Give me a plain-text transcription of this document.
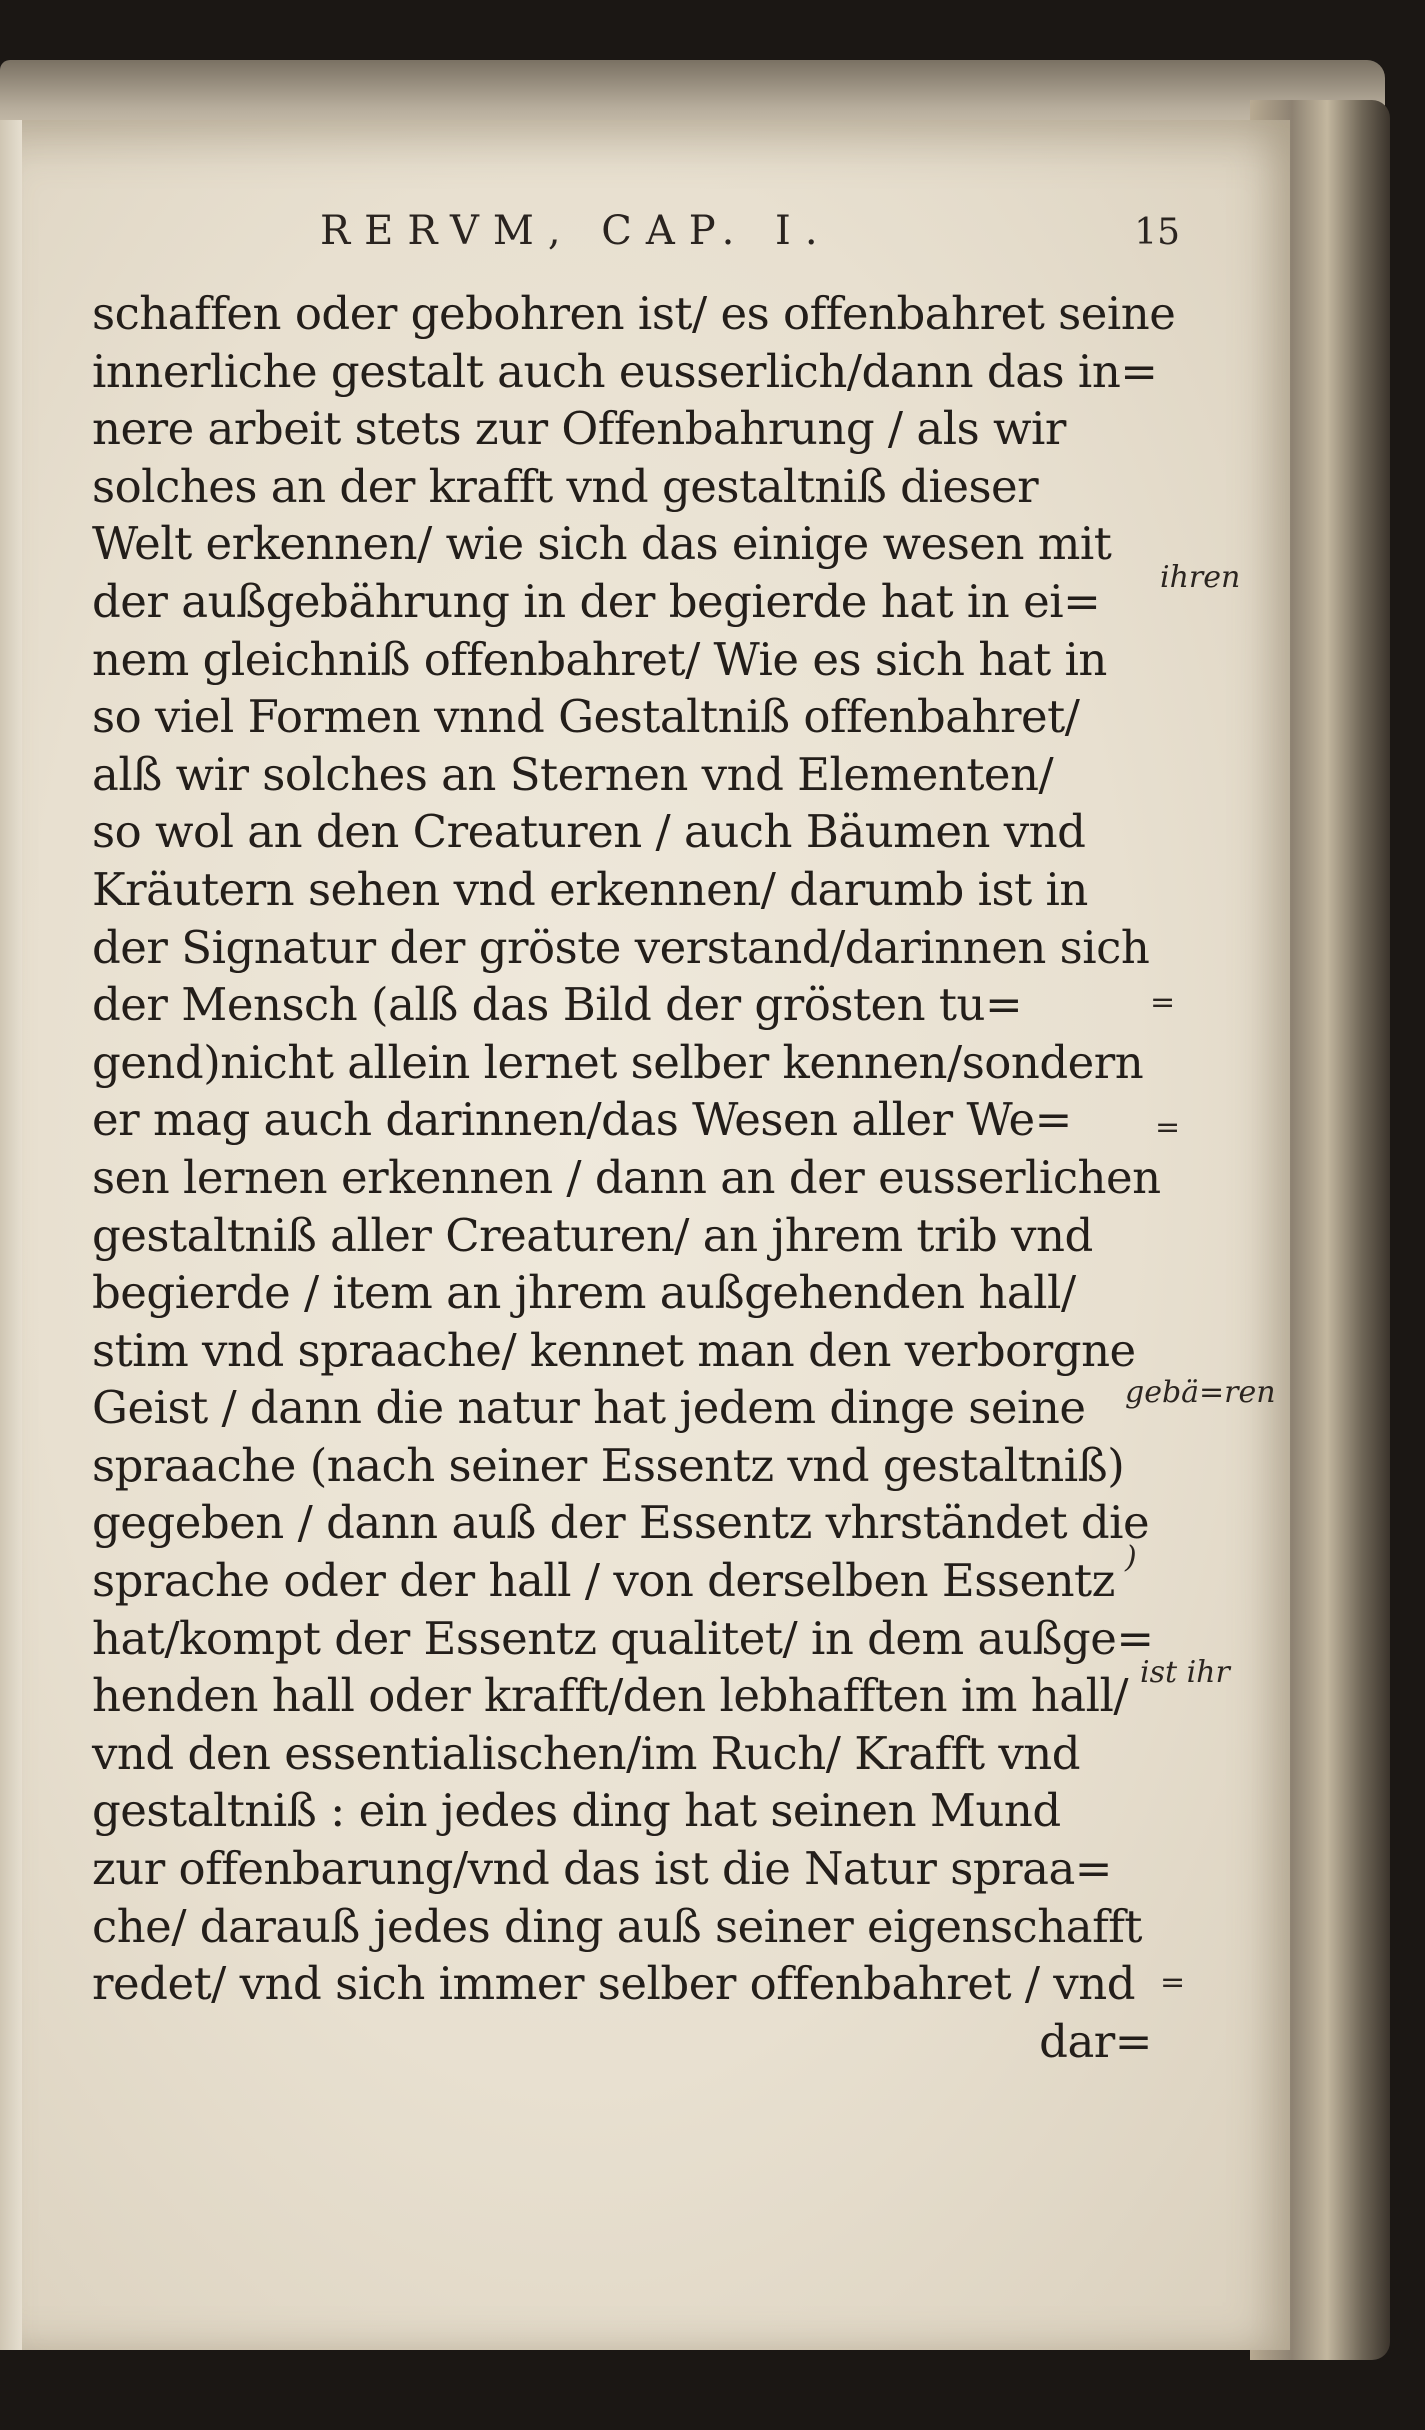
RERVM, CAP. I.	15
schaffen oder gebohren ist/ es offenbahret seine
innerliche gestalt auch eusserlich/dann das in=
nere arbeit stets zur Offenbahrung / als wir
solches an der krafft vnd gestaltniß dieser
Welt erkennen/ wie sich das einige wesen mit
der außgebährung in der begierde hat in ei=
nem gleichniß offenbahret/ Wie es sich hat in
so viel Formen vnnd Gestaltniß offenbahret/
alß wir solches an Sternen vnd Elementen/
so wol an den Creaturen / auch Bäumen vnd
Kräutern sehen vnd erkennen/ darumb ist in
der Signatur der gröste verstand/darinnen sich
der Mensch (alß das Bild der grösten tu=
gend)nicht allein lernet selber kennen/sondern
er mag auch darinnen/das Wesen aller We=
sen lernen erkennen / dann an der eusserlichen
gestaltniß aller Creaturen/ an jhrem trib vnd
begierde / item an jhrem außgehenden hall/
stim vnd spraache/ kennet man den verborgne
Geist / dann die natur hat jedem dinge seine
spraache (nach seiner Essentz vnd gestaltniß)
gegeben / dann auß der Essentz vhrständet die
sprache oder der hall / von derselben Essentz
hat/kompt der Essentz qualitet/ in dem außge=
henden hall oder krafft/den lebhafften im hall/
vnd den essentialischen/im Ruch/ Krafft vnd
gestaltniß : ein jedes ding hat seinen Mund
zur offenbarung/vnd das ist die Natur spraa=
che/ darauß jedes ding auß seiner eigenschafft
redet/ vnd sich immer selber offenbahret / vnd
dar=
ihren
=
=
gebä=ren
)
ist ihr
=
